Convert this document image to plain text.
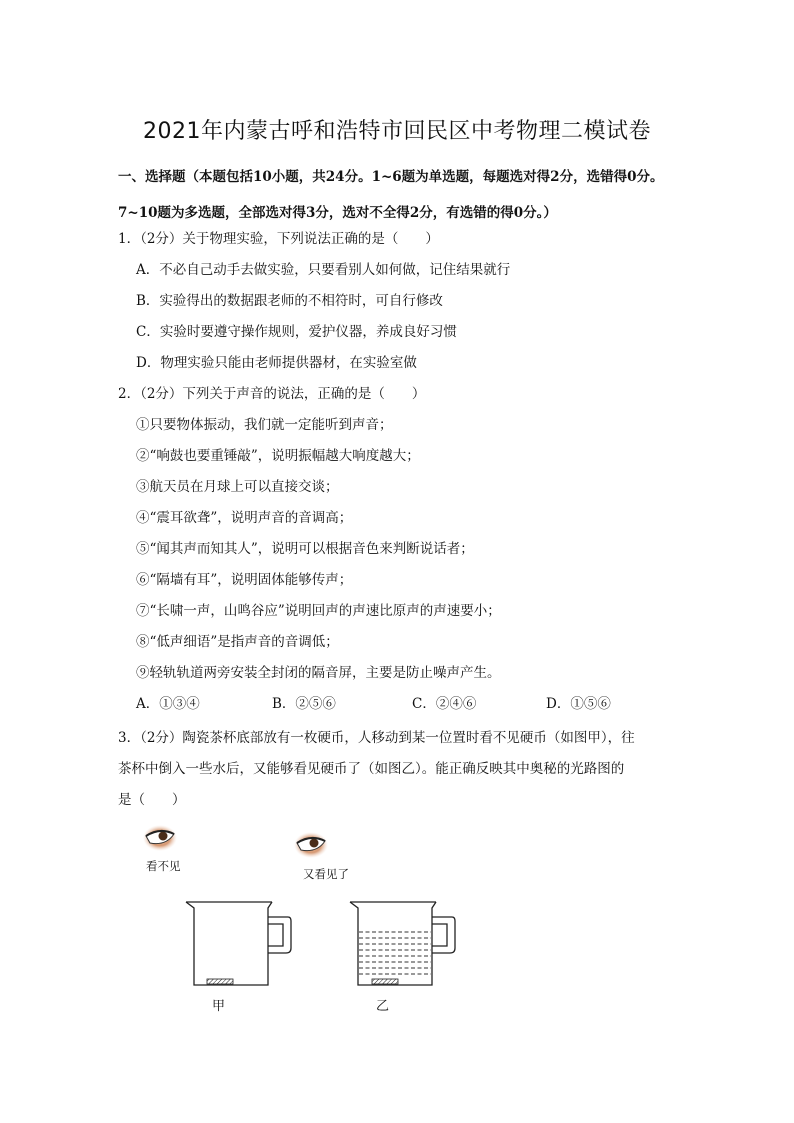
2021年内蒙古呼和浩特市回民区中考物理二模试卷
一、选择题（本题包括10小题，共24分。1~6题为单选题，每题选对得2分，选错得0分。
7~10题为多选题，全部选对得3分，选对不全得2分，有选错的得0分。）
1．（2分）关于物理实验，下列说法正确的是（　　）
A．不必自己动手去做实验，只要看别人如何做，记住结果就行
B．实验得出的数据跟老师的不相符时，可自行修改
C．实验时要遵守操作规则，爱护仪器，养成良好习惯
D．物理实验只能由老师提供器材，在实验室做
2．（2分）下列关于声音的说法，正确的是（　　）
①只要物体振动，我们就一定能听到声音；
②“响鼓也要重锤敲”，说明振幅越大响度越大；
③航天员在月球上可以直接交谈；
④“震耳欲聋”，说明声音的音调高；
⑤“闻其声而知其人”，说明可以根据音色来判断说话者；
⑥“隔墙有耳”，说明固体能够传声；
⑦“长啸一声，山鸣谷应”说明回声的声速比原声的声速要小；
⑧“低声细语”是指声音的音调低；
⑨轻轨轨道两旁安装全封闭的隔音屏，主要是防止噪声产生。
A．①③④	B．②⑤⑥	C．②④⑥	D．①⑤⑥
3．（2分）陶瓷茶杯底部放有一枚硬币，人移动到某一位置时看不见硬币（如图甲），往
茶杯中倒入一些水后，又能够看见硬币了（如图乙）。能正确反映其中奥秘的光路图的
是（　　）
看不见
又看见了
甲	乙
